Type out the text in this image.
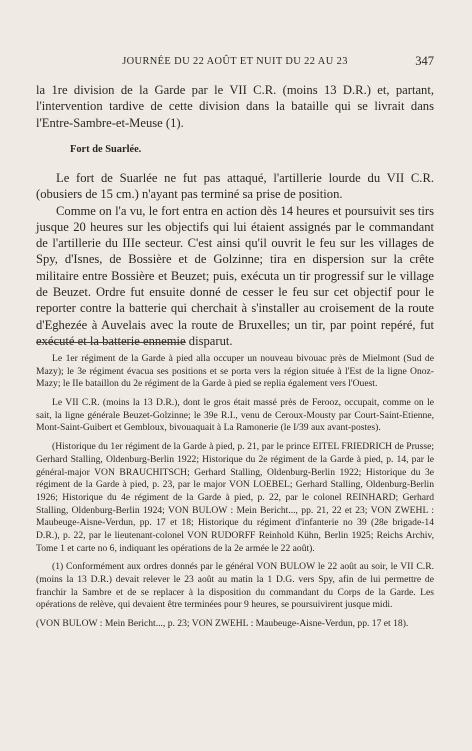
JOURNÉE DU 22 AOÛT ET NUIT DU 22 AU 23	347

la 1re division de la Garde par le VII C.R. (moins 13 D.R.) et, partant, l'intervention tardive de cette division dans la bataille qui se livrait dans l'Entre-Sambre-et-Meuse (1).

Fort de Suarlée.

Le fort de Suarlée ne fut pas attaqué, l'artillerie lourde du VII C.R. (obusiers de 15 cm.) n'ayant pas terminé sa prise de position.

Comme on l'a vu, le fort entra en action dès 14 heures et poursuivit ses tirs jusque 20 heures sur les objectifs qui lui étaient assignés par le commandant de l'artillerie du IIIe secteur. C'est ainsi qu'il ouvrit le feu sur les villages de Spy, d'Isnes, de Bossière et de Golzinne; tira en dispersion sur la crête militaire entre Bossière et Beuzet; puis, exécuta un tir progressif sur le village de Beuzet. Ordre fut ensuite donné de cesser le feu sur cet objectif pour le reporter contre la batterie qui cherchait à s'installer au croisement de la route d'Eghezée à Auvelais avec la route de Bruxelles; un tir, par point repéré, fut exécuté et la batterie ennemie disparut.

Le 1er régiment de la Garde à pied alla occuper un nouveau bivouac près de Mielmont (Sud de Mazy); le 3e régiment évacua ses positions et se porta vers la région située à l'Est de la ligne Onoz-Mazy; le IIe bataillon du 2e régiment de la Garde à pied se replia également vers l'Ouest.

Le VII C.R. (moins la 13 D.R.), dont le gros était massé près de Ferooz, occupait, comme on le sait, la ligne générale Beuzet-Golzinne; le 39e R.I., venu de Ceroux-Mousty par Court-Saint-Etienne, Mont-Saint-Guibert et Gembloux, bivouaquait à La Ramonerie (le I/39 aux avant-postes).

(Historique du 1er régiment de la Garde à pied, p. 21, par le prince EITEL FRIEDRICH de Prusse; Gerhard Stalling, Oldenburg-Berlin 1922; Historique du 2e régiment de la Garde à pied, p. 14, par le général-major VON BRAUCHITSCH; Gerhard Stalling, Oldenburg-Berlin 1922; Historique du 3e régiment de la Garde à pied, p. 23, par le major VON LOEBEL; Gerhard Stalling, Oldenburg-Berlin 1926; Historique du 4e régiment de la Garde à pied, p. 22, par le colonel REINHARD; Gerhard Stalling, Oldenburg-Berlin 1924; VON BULOW : Mein Bericht..., pp. 21, 22 et 23; VON ZWEHL : Maubeuge-Aisne-Verdun, pp. 17 et 18; Historique du régiment d'infanterie no 39 (28e brigade-14 D.R.), p. 22, par le lieutenant-colonel VON RUDORFF Reinhold Kühn, Berlin 1925; Reichs Archiv, Tome 1 et carte no 6, indiquant les opérations de la 2e armée le 22 août).

(1) Conformément aux ordres donnés par le général VON BULOW le 22 août au soir, le VII C.R. (moins la 13 D.R.) devait relever le 23 août au matin la 1 D.G. vers Spy, afin de lui permettre de franchir la Sambre et de se replacer à la disposition du commandant du Corps de la Garde. Les opérations de relève, qui devaient être terminées pour 9 heures, se poursuivirent jusque midi.

(VON BULOW : Mein Bericht..., p. 23; VON ZWEHL : Maubeuge-Aisne-Verdun, pp. 17 et 18).
